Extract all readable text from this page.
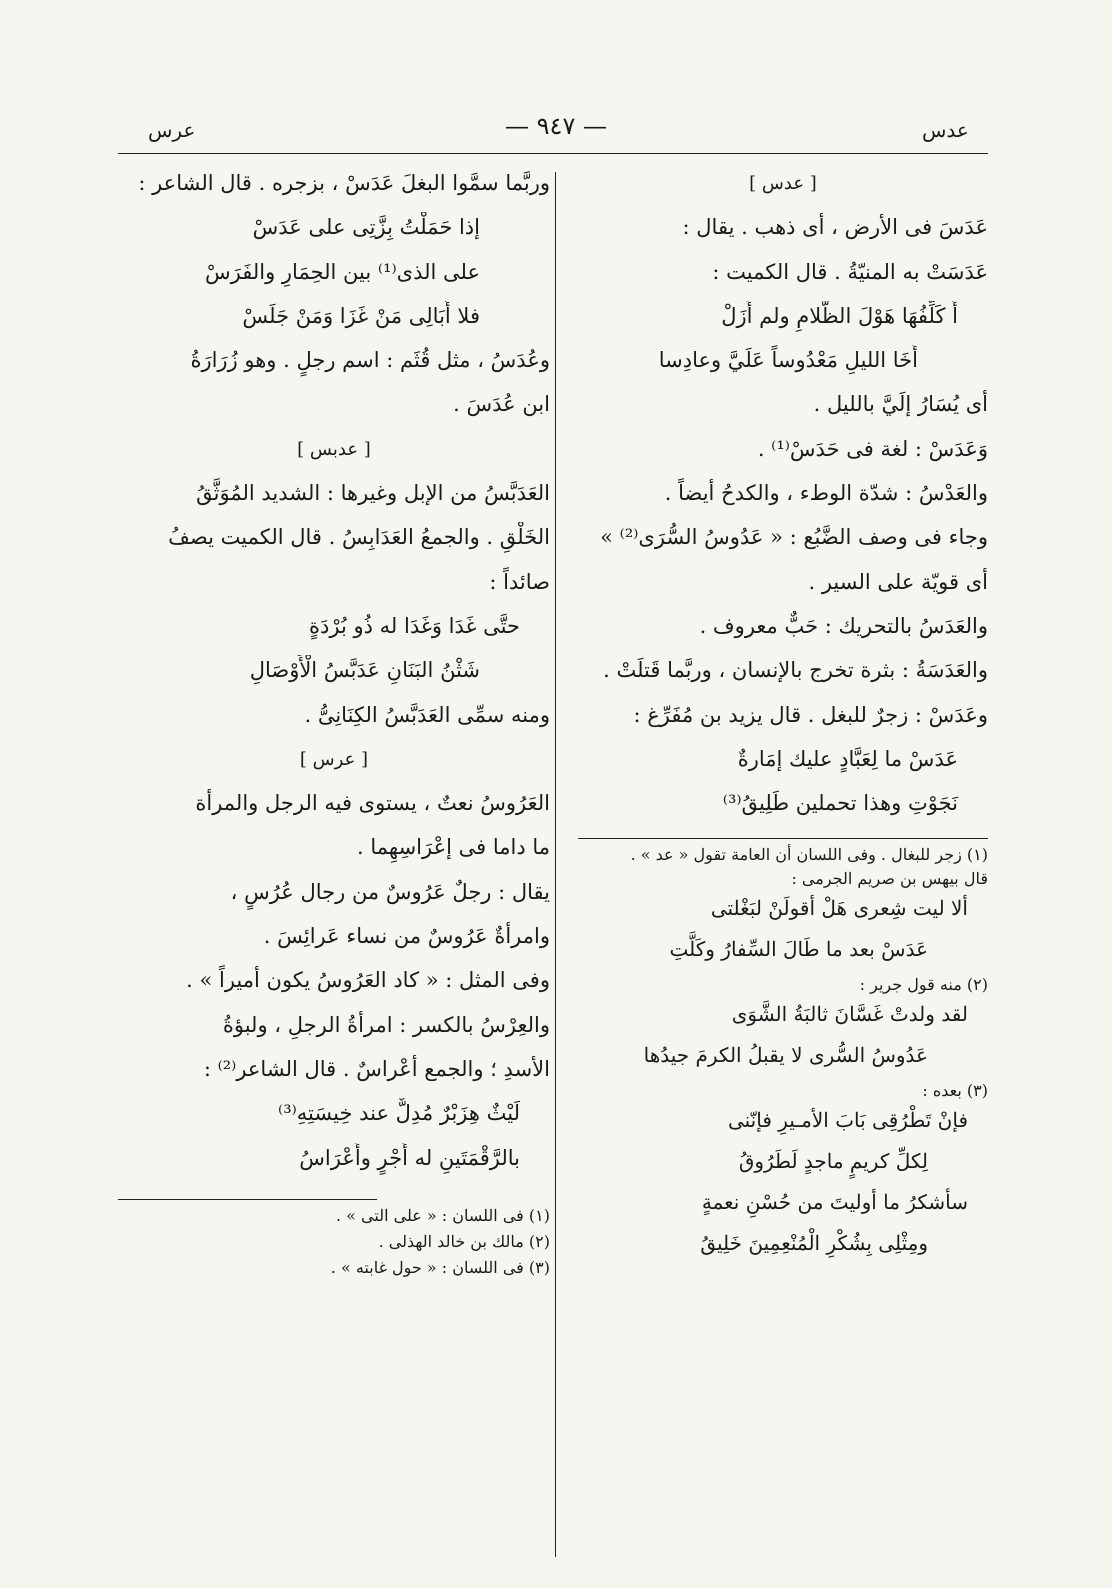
عرس	— ٩٤٧ —	عدس
[ عدس ]
عَدَسَ فى الأرض ، أى ذهب . يقال :
عَدَسَتْ به المنيّةُ . قال الكميت :
أُ كَلِّفُهَا هَوْلَ الظَّلامِ ولم أَزَلْ
أَخَا الليلِ مَعْدُوساً عَلَيَّ وعادِسا
أى يُسَارُ إلَيَّ بالليل .
وَعَدَسْ : لغة فى حَدَسْ⁽¹⁾ .
والعَدْسُ : شدّة الوطء ، والكدحُ أيضاً .
وجاء فى وصف الضَّبُع : « عَدُوسُ السُّرَى⁽²⁾ »
أى قويّة على السير .
والعَدَسُ بالتحريك : حَبٌّ معروف .
والعَدَسَةُ : بثرة تخرج بالإنسان ، وربَّما قَتلَتْ .
وعَدَسْ : زجرٌ للبغل . قال يزيد بن مُفَرِّغ :
عَدَسْ ما لِعَبَّادٍ عليك إمَارةٌ
نَجَوْتِ وهذا تحملين طَلِيقُ⁽³⁾
(١) زجر للبغال . وفى اللسان أن العامة تقول « عد » .
قال بيهس بن صريم الجرمى :
ألا ليت شِعرى هَلْ أقولَنْ لبَغْلتى
عَدَسْ بعد ما طَالَ السِّفارُ وكَلَّتِ
(٢) منه قول جرير :
لقد ولدتْ غَسَّانَ ثالبَةُ الشَّوَى
عَدُوسُ السُّرى لا يقبلُ الكرمَ جيدُها
(٣) بعده :
فإنْ تَطْرُقِى بَابَ الأمـيرِ فإنّنى
لِكلِّ كريمٍ ماجدٍ لَطَرُوقُ
سأشكرُ ما أوليتَ من حُسْنِ نعمةٍ
ومِثْلِى بِشُكْرِ الْمُنْعِمِينَ خَلِيقُ
وربَّما سمَّوا البغلَ عَدَسْ ، بزجره . قال الشاعر :
إذا حَمَلْتُ بِزَّتِى على عَدَسْ
على الذى⁽¹⁾ بين الحِمَارِ والفَرَسْ
فلا أُبَالِى مَنْ غَزَا وَمَنْ جَلَسْ
وعُدَسُ ، مثل قُثَم : اسم رجلٍ . وهو زُرَارَةُ
ابن عُدَسَ .
[ عدبس ]
العَدَبَّسُ من الإبل وغيرها : الشديد المُوَثَّقُ
الخَلْقِ . والجمعُ العَدَابِسُ . قال الكميت يصفُ
صائداً :
حتَّى غَدَا وَغَدَا له ذُو بُرْدَةٍ
شَثْنُ البَنَانِ عَدَبَّسُ الْأَوْصَالِ
ومنه سمِّى العَدَبَّسُ الكِنَانِىُّ .
[ عرس ]
العَرُوسُ نعتٌ ، يستوى فيه الرجل والمرأة
ما داما فى إعْرَاسِهِما .
يقال : رجلٌ عَرُوسٌ من رجال عُرُسٍ ،
وامرأةٌ عَرُوسٌ من نساء عَرائِسَ .
وفى المثل : « كاد العَرُوسُ يكون أميراً » .
والعِرْسُ بالكسر : امرأةُ الرجلِ ، ولبؤةُ
الأسدِ ؛ والجمع أعْراسٌ . قال الشاعر⁽²⁾ :
لَيْثٌ هِزَبْرٌ مُدِلٌّ عند خِيسَتِهِ⁽³⁾
بالرَّقْمَتَينِ له أَجْرٍ وأَعْرَاسُ
(١) فى اللسان : « على التى » .
(٢) مالك بن خالد الهذلى .
(٣) فى اللسان : « حول غابته » .
